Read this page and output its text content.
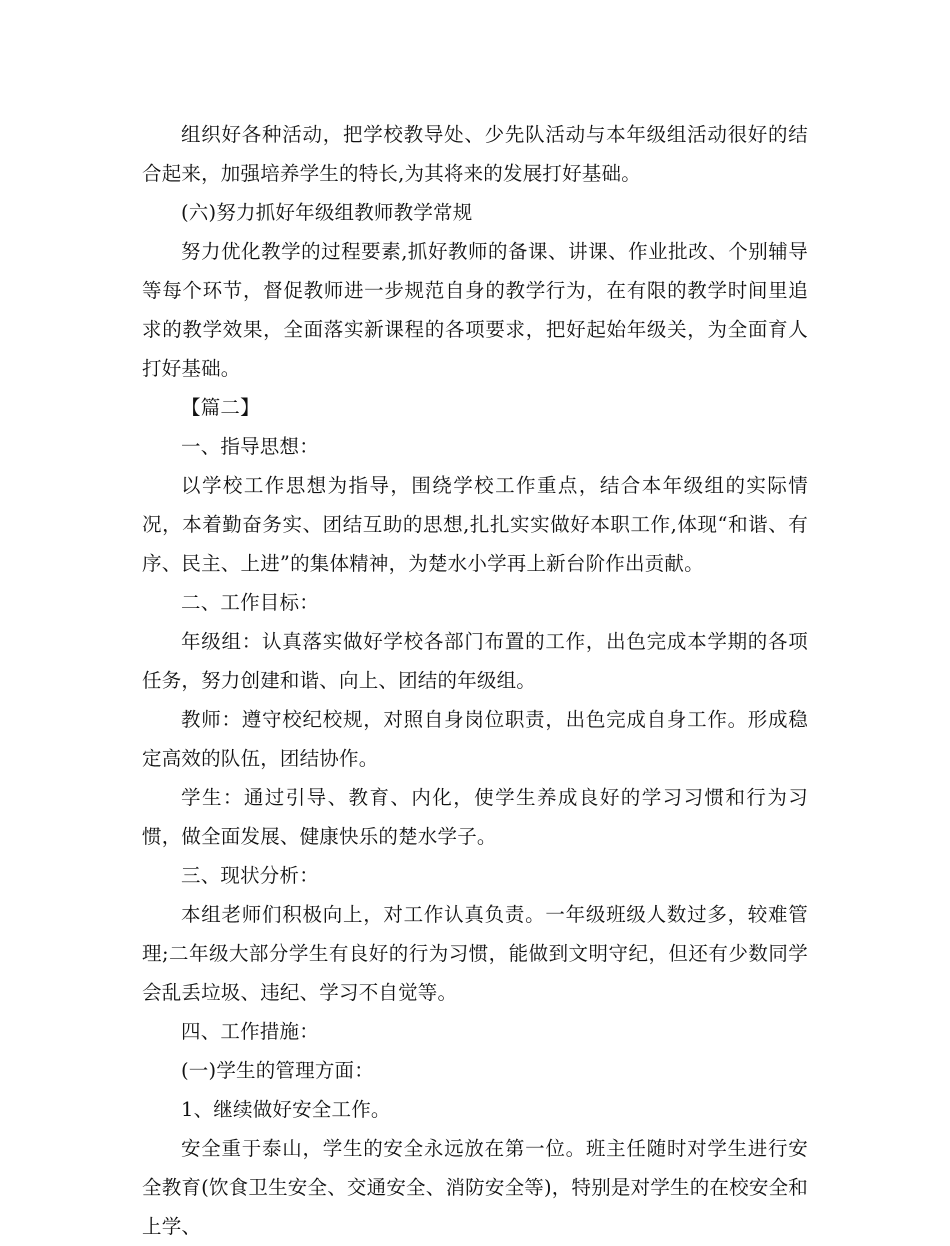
组织好各种活动，把学校教导处、少先队活动与本年级组活动很好的结合起来，加强培养学生的特长,为其将来的发展打好基础。

(六)努力抓好年级组教师教学常规

努力优化教学的过程要素,抓好教师的备课、讲课、作业批改、个别辅导等每个环节，督促教师进一步规范自身的教学行为，在有限的教学时间里追求的教学效果，全面落实新课程的各项要求，把好起始年级关，为全面育人打好基础。

【篇二】

一、指导思想：

以学校工作思想为指导，围绕学校工作重点，结合本年级组的实际情况，本着勤奋务实、团结互助的思想,扎扎实实做好本职工作,体现“和谐、有序、民主、上进”的集体精神，为楚水小学再上新台阶作出贡献。

二、工作目标：

年级组：认真落实做好学校各部门布置的工作，出色完成本学期的各项任务，努力创建和谐、向上、团结的年级组。

教师：遵守校纪校规，对照自身岗位职责，出色完成自身工作。形成稳定高效的队伍，团结协作。

学生：通过引导、教育、内化，使学生养成良好的学习习惯和行为习惯，做全面发展、健康快乐的楚水学子。

三、现状分析：

本组老师们积极向上，对工作认真负责。一年级班级人数过多，较难管理;二年级大部分学生有良好的行为习惯，能做到文明守纪，但还有少数同学会乱丢垃圾、违纪、学习不自觉等。

四、工作措施：

(一)学生的管理方面：

1、继续做好安全工作。

安全重于泰山，学生的安全永远放在第一位。班主任随时对学生进行安全教育(饮食卫生安全、交通安全、消防安全等)，特别是对学生的在校安全和上学、
